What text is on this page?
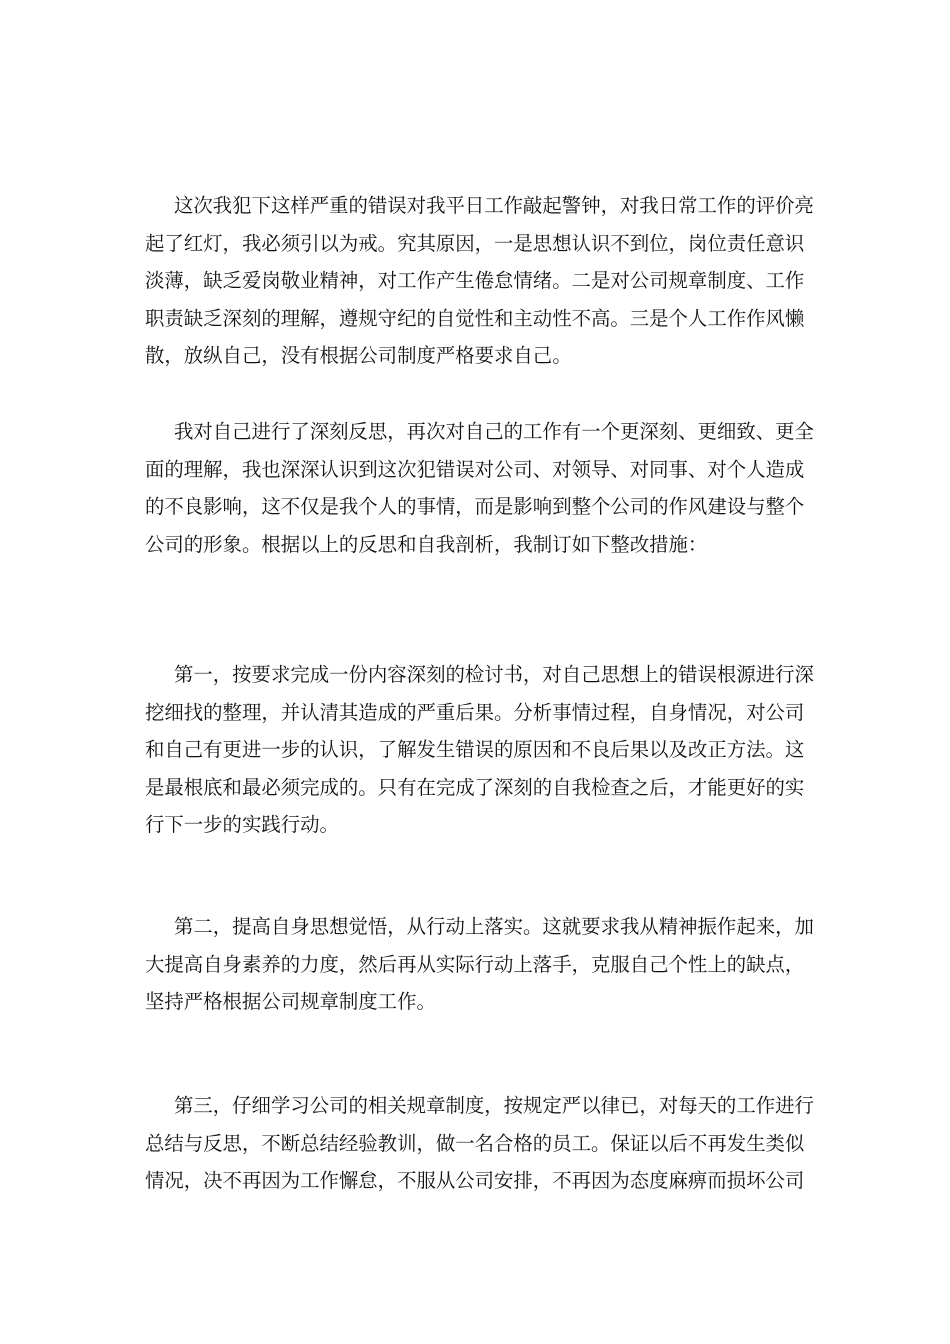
这次我犯下这样严重的错误对我平日工作敲起警钟，对我日常工作的评价亮
起了红灯，我必须引以为戒。究其原因，一是思想认识不到位，岗位责任意识
淡薄，缺乏爱岗敬业精神，对工作产生倦怠情绪。二是对公司规章制度、工作
职责缺乏深刻的理解，遵规守纪的自觉性和主动性不高。三是个人工作作风懒
散，放纵自己，没有根据公司制度严格要求自己。
我对自己进行了深刻反思，再次对自己的工作有一个更深刻、更细致、更全
面的理解，我也深深认识到这次犯错误对公司、对领导、对同事、对个人造成
的不良影响，这不仅是我个人的事情，而是影响到整个公司的作风建设与整个
公司的形象。根据以上的反思和自我剖析，我制订如下整改措施：
第一，按要求完成一份内容深刻的检讨书，对自己思想上的错误根源进行深
挖细找的整理，并认清其造成的严重后果。分析事情过程，自身情况，对公司
和自己有更进一步的认识，了解发生错误的原因和不良后果以及改正方法。这
是最根底和最必须完成的。只有在完成了深刻的自我检查之后，才能更好的实
行下一步的实践行动。
第二，提高自身思想觉悟，从行动上落实。这就要求我从精神振作起来，加
大提高自身素养的力度，然后再从实际行动上落手，克服自己个性上的缺点，
坚持严格根据公司规章制度工作。
第三，仔细学习公司的相关规章制度，按规定严以律已，对每天的工作进行
总结与反思，不断总结经验教训，做一名合格的员工。保证以后不再发生类似
情况，决不再因为工作懈怠，不服从公司安排，不再因为态度麻痹而损坏公司
